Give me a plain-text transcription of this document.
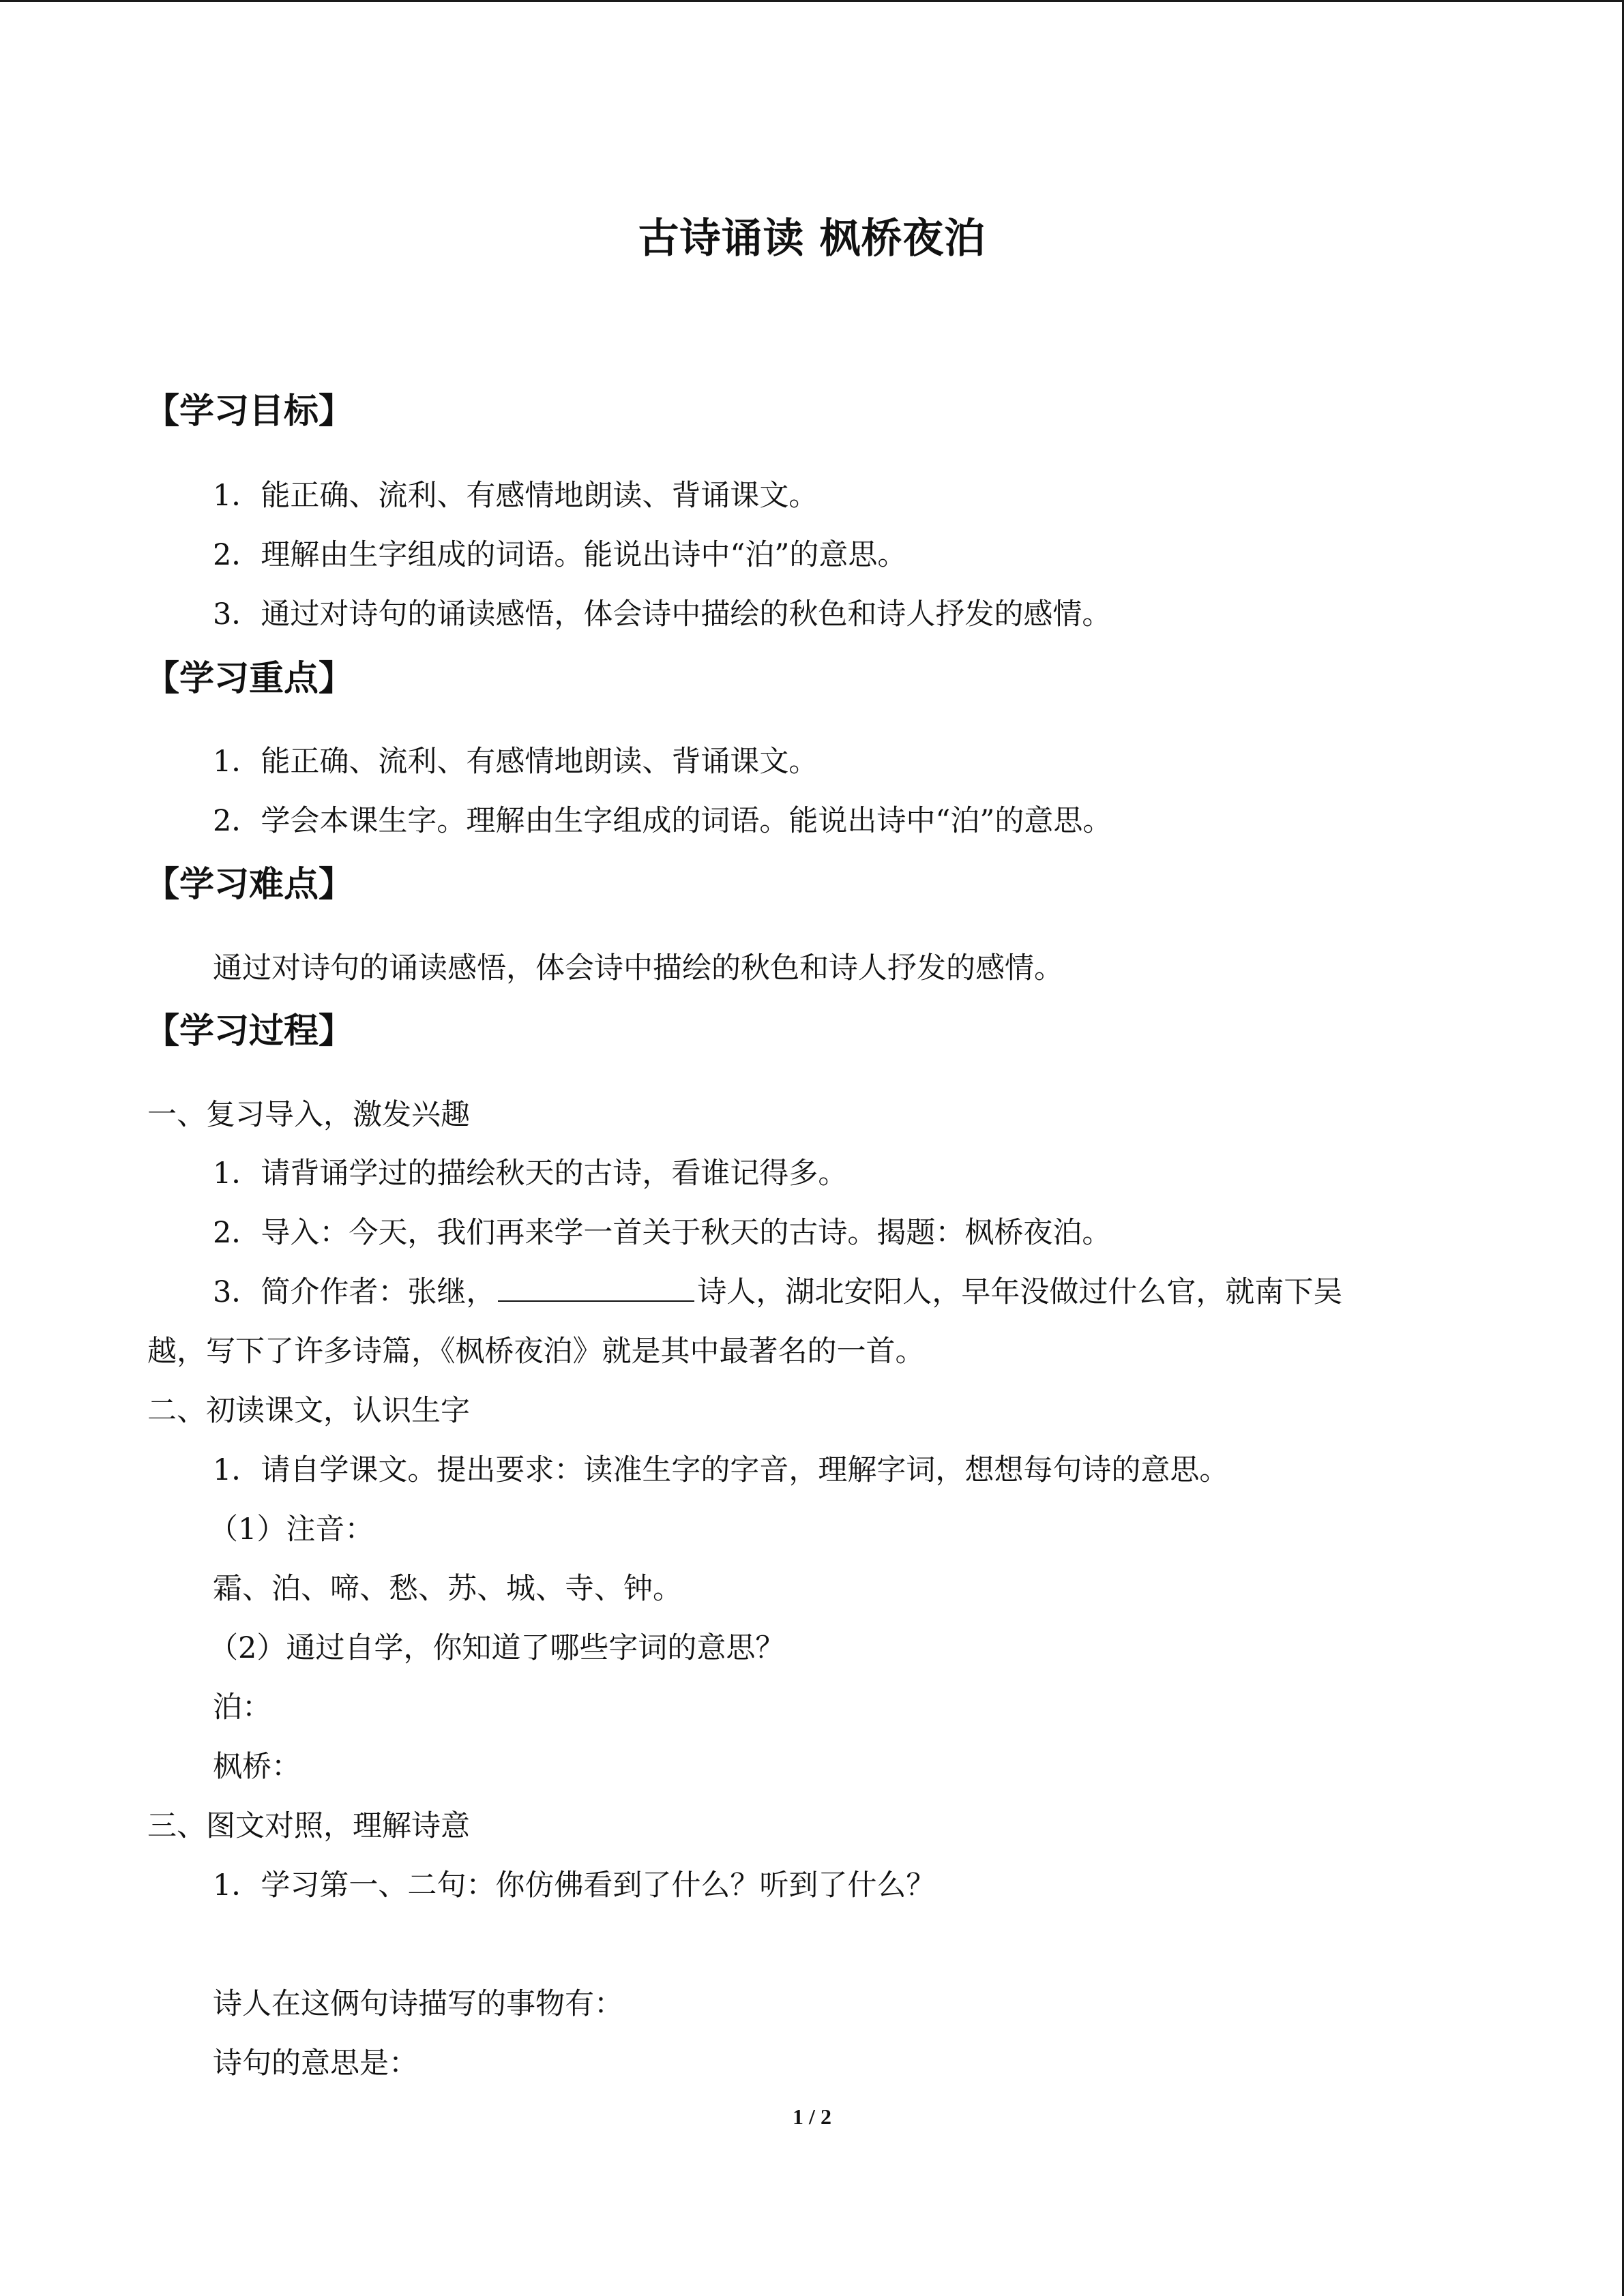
古诗诵读 枫桥夜泊
【学习目标】
1．能正确、流利、有感情地朗读、背诵课文。
2．理解由生字组成的词语。能说出诗中“泊”的意思。
3．通过对诗句的诵读感悟，体会诗中描绘的秋色和诗人抒发的感情。
【学习重点】
1．能正确、流利、有感情地朗读、背诵课文。
2．学会本课生字。理解由生字组成的词语。能说出诗中“泊”的意思。
【学习难点】
通过对诗句的诵读感悟，体会诗中描绘的秋色和诗人抒发的感情。
【学习过程】
一、复习导入，激发兴趣
1．请背诵学过的描绘秋天的古诗，看谁记得多。
2．导入：今天，我们再来学一首关于秋天的古诗。揭题：枫桥夜泊。
3．简介作者：张继，	诗人，湖北安阳人，早年没做过什么官，就南下吴
越，写下了许多诗篇，《枫桥夜泊》就是其中最著名的一首。
二、初读课文，认识生字
1．请自学课文。提出要求：读准生字的字音，理解字词，想想每句诗的意思。
（1）注音：
霜、泊、啼、愁、苏、城、寺、钟。
（2）通过自学，你知道了哪些字词的意思？
泊：
枫桥：
三、图文对照，理解诗意
1．学习第一、二句：你仿佛看到了什么？听到了什么？
诗人在这俩句诗描写的事物有：
诗句的意思是：
1 / 2
